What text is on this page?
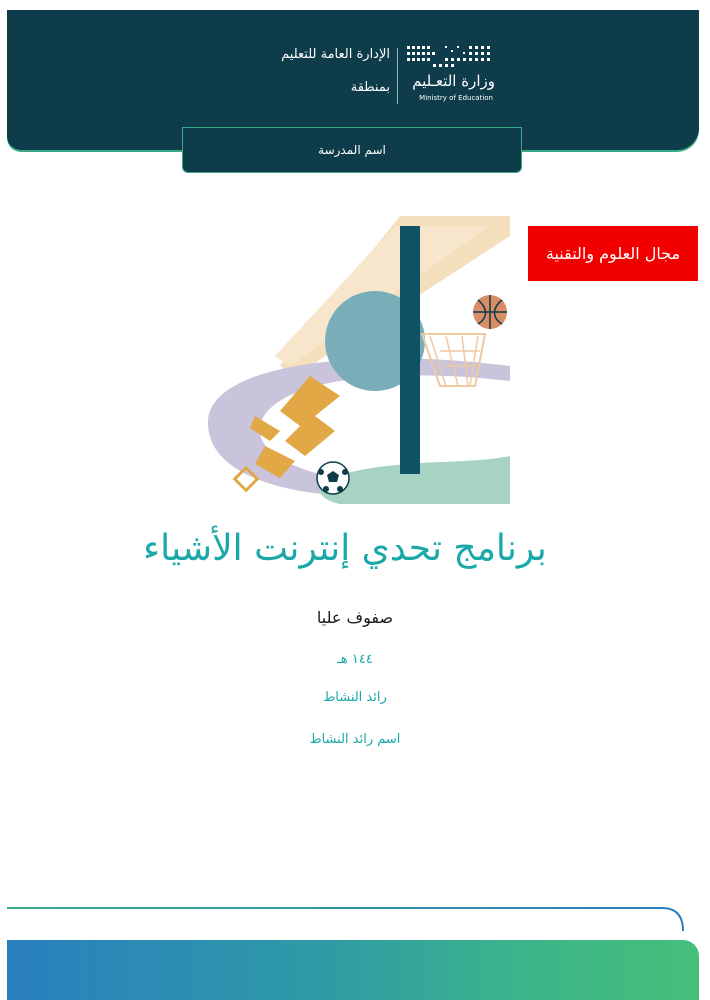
وزارة التعـليم
Ministry of Education
الإدارة العامة للتعليم
بمنطقة
اسم المدرسة
مجال العلوم والتقنية
برنامج تحدي إنترنت الأشياء
صفوف عليا
١٤٤ هـ
رائد النشاط
اسم رائد النشاط
